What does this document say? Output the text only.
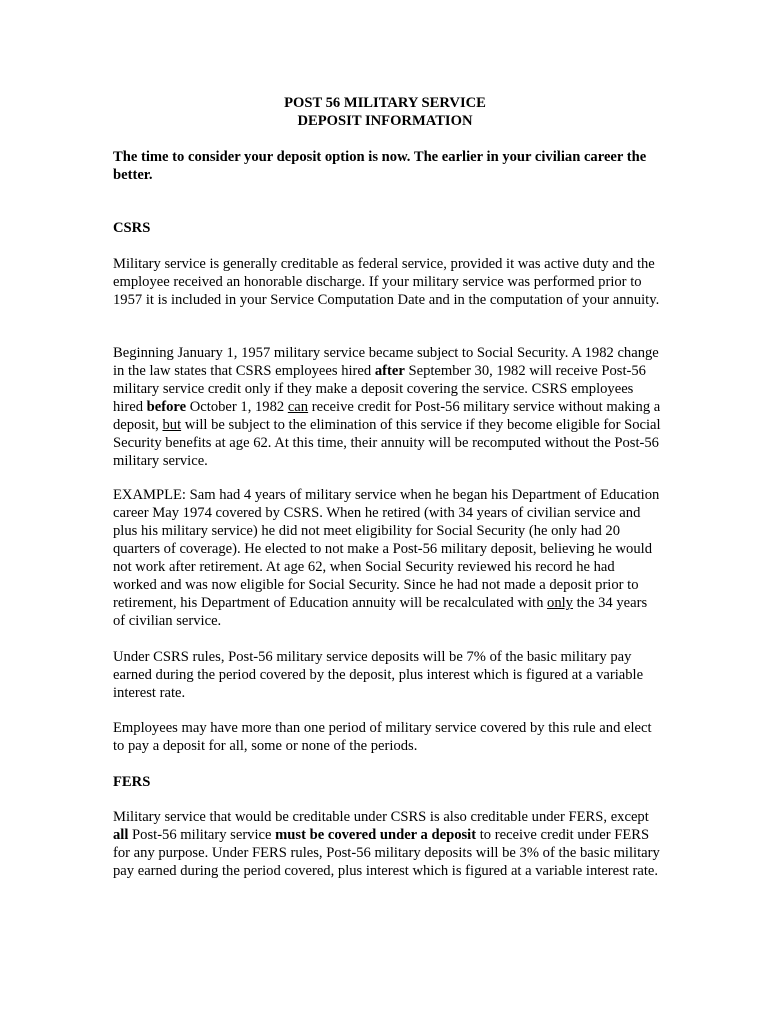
POST 56 MILITARY SERVICE
DEPOSIT INFORMATION

The time to consider your deposit option is now. The earlier in your civilian career the better.

CSRS

Military service is generally creditable as federal service, provided it was active duty and the employee received an honorable discharge. If your military service was performed prior to 1957 it is included in your Service Computation Date and in the computation of your annuity.

Beginning January 1, 1957 military service became subject to Social Security. A 1982 change in the law states that CSRS employees hired after September 30, 1982 will receive Post-56 military service credit only if they make a deposit covering the service. CSRS employees hired before October 1, 1982 can receive credit for Post-56 military service without making a deposit, but will be subject to the elimination of this service if they become eligible for Social Security benefits at age 62. At this time, their annuity will be recomputed without the Post-56 military service.

EXAMPLE: Sam had 4 years of military service when he began his Department of Education career May 1974 covered by CSRS. When he retired (with 34 years of civilian service and plus his military service) he did not meet eligibility for Social Security (he only had 20 quarters of coverage). He elected to not make a Post-56 military deposit, believing he would not work after retirement. At age 62, when Social Security reviewed his record he had worked and was now eligible for Social Security. Since he had not made a deposit prior to retirement, his Department of Education annuity will be recalculated with only the 34 years of civilian service.

Under CSRS rules, Post-56 military service deposits will be 7% of the basic military pay earned during the period covered by the deposit, plus interest which is figured at a variable interest rate.

Employees may have more than one period of military service covered by this rule and elect to pay a deposit for all, some or none of the periods.

FERS

Military service that would be creditable under CSRS is also creditable under FERS, except all Post-56 military service must be covered under a deposit to receive credit under FERS for any purpose. Under FERS rules, Post-56 military deposits will be 3% of the basic military pay earned during the period covered, plus interest which is figured at a variable interest rate.
